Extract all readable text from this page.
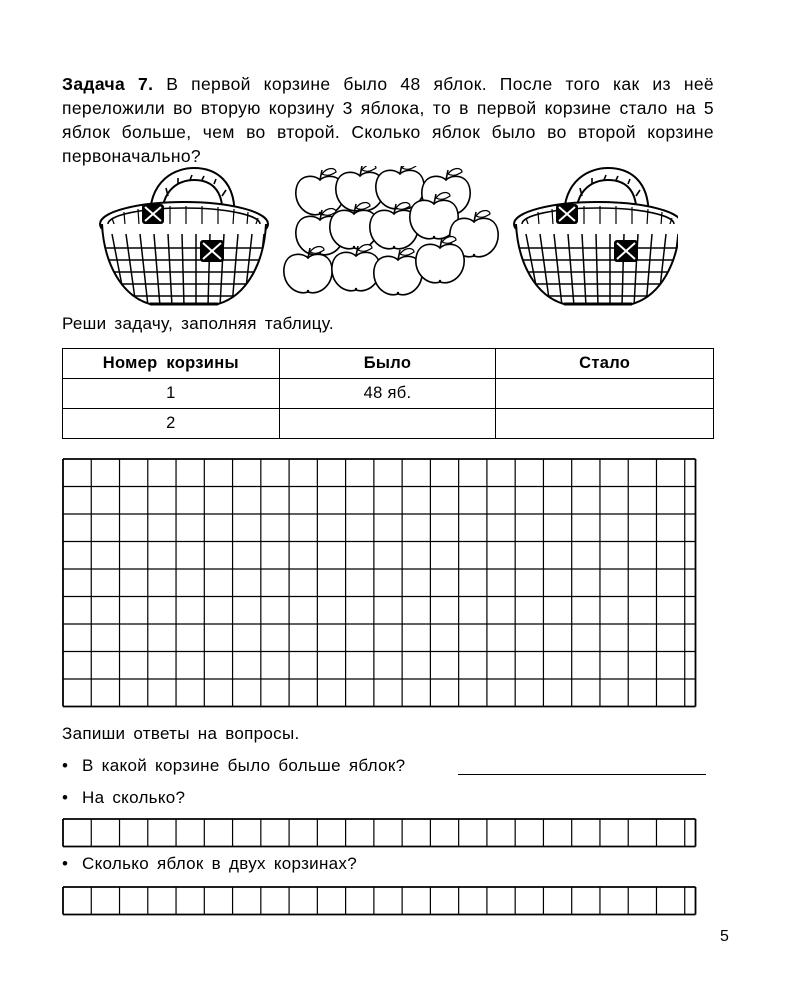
Задача 7. В первой корзине было 48 яблок. После того как из неё переложили во вторую корзину 3 яблока, то в первой корзине стало на 5 яблок больше, чем во второй. Сколько яблок было во второй корзине первоначально?
Реши задачу, заполняя таблицу.
Номер корзины	Было	Стало
1	48 яб.	
2		
Запиши ответы на вопросы.
• В какой корзине было больше яблок?
• На сколько?
• Сколько яблок в двух корзинах?
5
